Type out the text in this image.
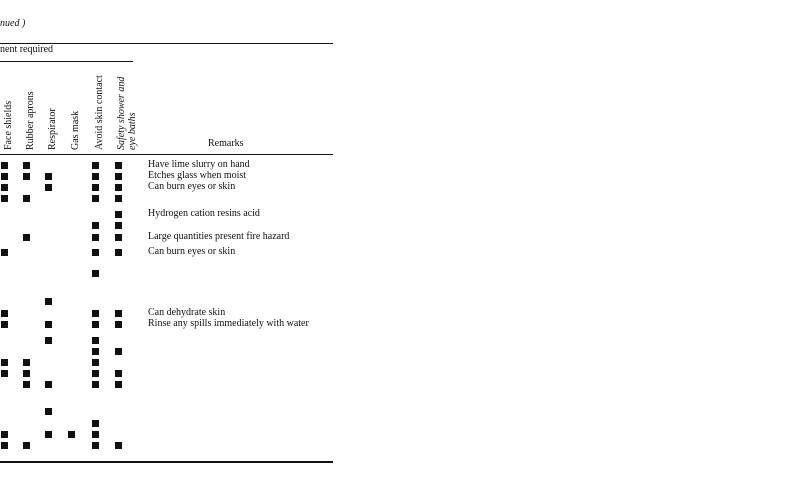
nued )
nent required
Face shields Rubber aprons Respirator Gas mask Avoid skin contact Safety shower and eye baths	Remarks
Have lime slurry on hand
Etches glass when moist
Can burn eyes or skin
Hydrogen cation resins acid
Large quantities present fire hazard
Can burn eyes or skin
Can dehydrate skin
Rinse any spills immediately with water
